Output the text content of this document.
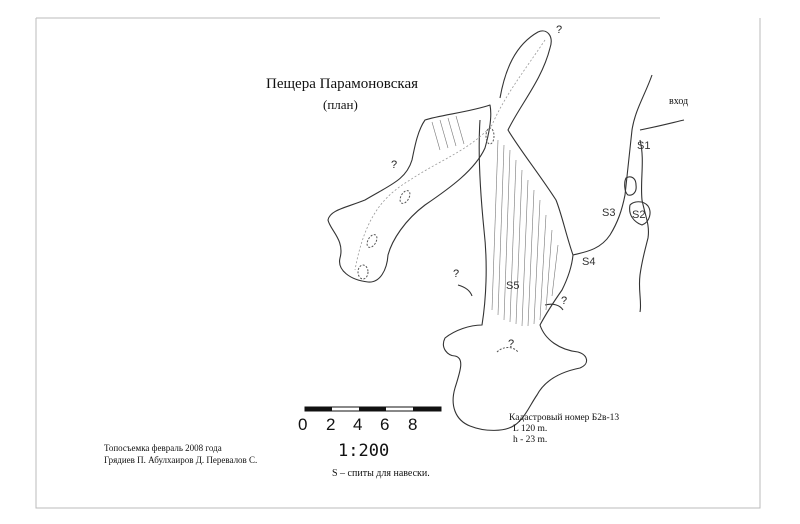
Пещера Парамоновская
(план)	вход
S1
S2
S3
S4
S5
?
?
?
?
?
0 2 4 6 8
1:200
S – спиты для навески.
Топосъемка февраль 2008 года
Грядиев П. Абулхаиров Д. Перевалов С.
Кадастровый номер Б2в-13
L 120 m.
h - 23 m.
